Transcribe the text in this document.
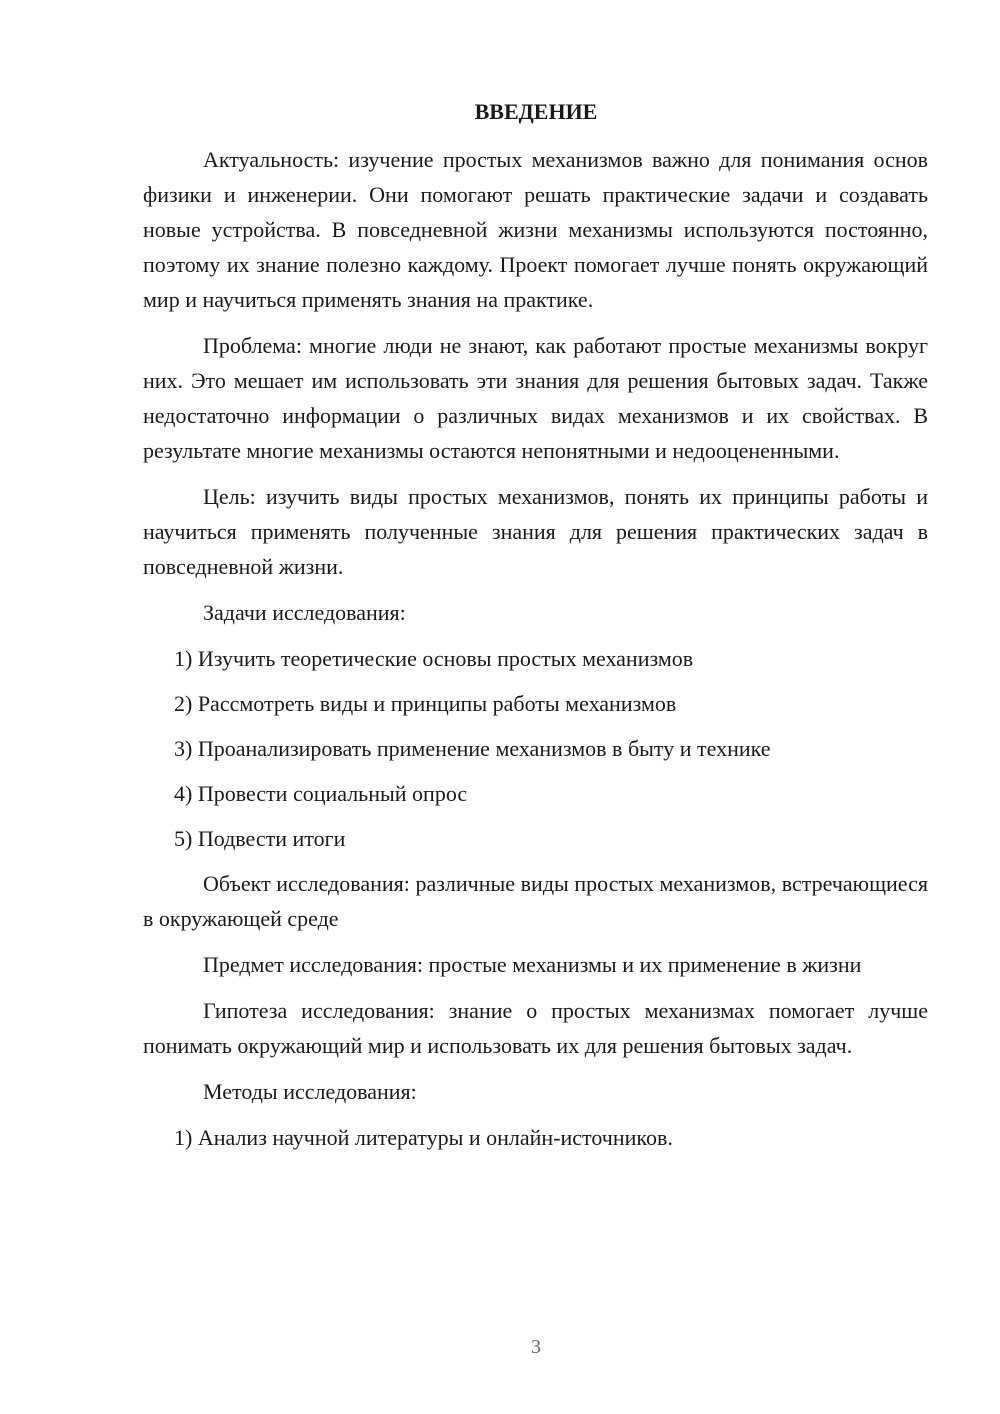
ВВЕДЕНИЕ

Актуальность: изучение простых механизмов важно для понимания основ физики и инженерии. Они помогают решать практические задачи и создавать новые устройства. В повседневной жизни механизмы используются постоянно, поэтому их знание полезно каждому. Проект помогает лучше понять окружающий мир и научиться применять знания на практике.

Проблема: многие люди не знают, как работают простые механизмы вокруг них. Это мешает им использовать эти знания для решения бытовых задач. Также недостаточно информации о различных видах механизмов и их свойствах. В результате многие механизмы остаются непонятными и недооцененными.

Цель: изучить виды простых механизмов, понять их принципы работы и научиться применять полученные знания для решения практических задач в повседневной жизни.

Задачи исследования:

1) Изучить теоретические основы простых механизмов
2) Рассмотреть виды и принципы работы механизмов
3) Проанализировать применение механизмов в быту и технике
4) Провести социальный опрос
5) Подвести итоги

Объект исследования: различные виды простых механизмов, встречающиеся в окружающей среде

Предмет исследования: простые механизмы и их применение в жизни

Гипотеза исследования: знание о простых механизмах помогает лучше понимать окружающий мир и использовать их для решения бытовых задач.

Методы исследования:

1) Анализ научной литературы и онлайн-источников.
3
